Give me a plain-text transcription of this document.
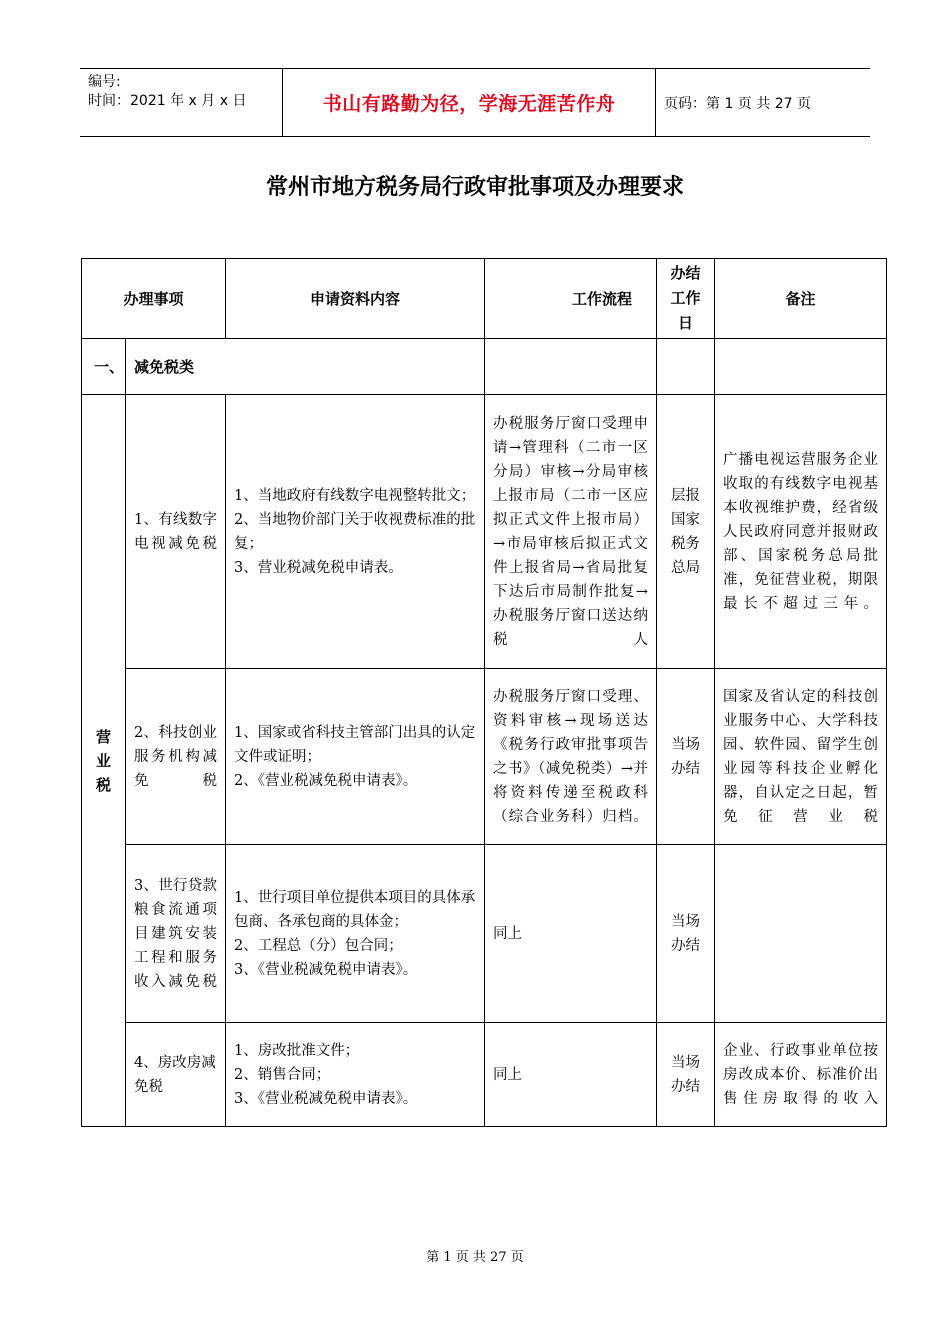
编号:
时间：2021 年 x 月 x 日	书山有路勤为径，学海无涯苦作舟	页码：第 1 页 共 27 页
常州市地方税务局行政审批事项及办理要求
办理事项		申请资料内容	工作流程	办结工作日	备注
一、	减免税类				
营业税	1、有线数字电视减免税	1、当地政府有线数字电视整转批文；
2、当地物价部门关于收视费标准的批复；
3、营业税减免税申请表。	办税服务厅窗口受理申请→管理科（二市一区分局）审核→分局审核上报市局（二市一区应拟正式文件上报市局）→市局审核后拟正式文件上报省局→省局批复下达后市局制作批复→办税服务厅窗口送达纳税人	层报国家税务总局	广播电视运营服务企业收取的有线数字电视基本收视维护费，经省级人民政府同意并报财政部、国家税务总局批准，免征营业税，期限最长不超过三年。
	2、科技创业服务机构减免税	1、国家或省科技主管部门出具的认定文件或证明；
2、《营业税减免税申请表》。	办税服务厅窗口受理、资料审核→现场送达《税务行政审批事项告之书》（减免税类）→并将资料传递至税政科（综合业务科）归档。	当场办结	国家及省认定的科技创业服务中心、大学科技园、软件园、留学生创业园等科技企业孵化器，自认定之日起，暂免征营业税
	3、世行贷款粮食流通项目建筑安装工程和服务收入减免税	1、世行项目单位提供本项目的具体承包商、各承包商的具体金；
2、工程总（分）包合同；
3、《营业税减免税申请表》。	同上	当场办结	
	4、房改房减免税	1、房改批准文件；
2、销售合同；
3、《营业税减免税申请表》。	同上	当场办结	企业、行政事业单位按房改成本价、标准价出售住房取得的收入
第 1 页 共 27 页
